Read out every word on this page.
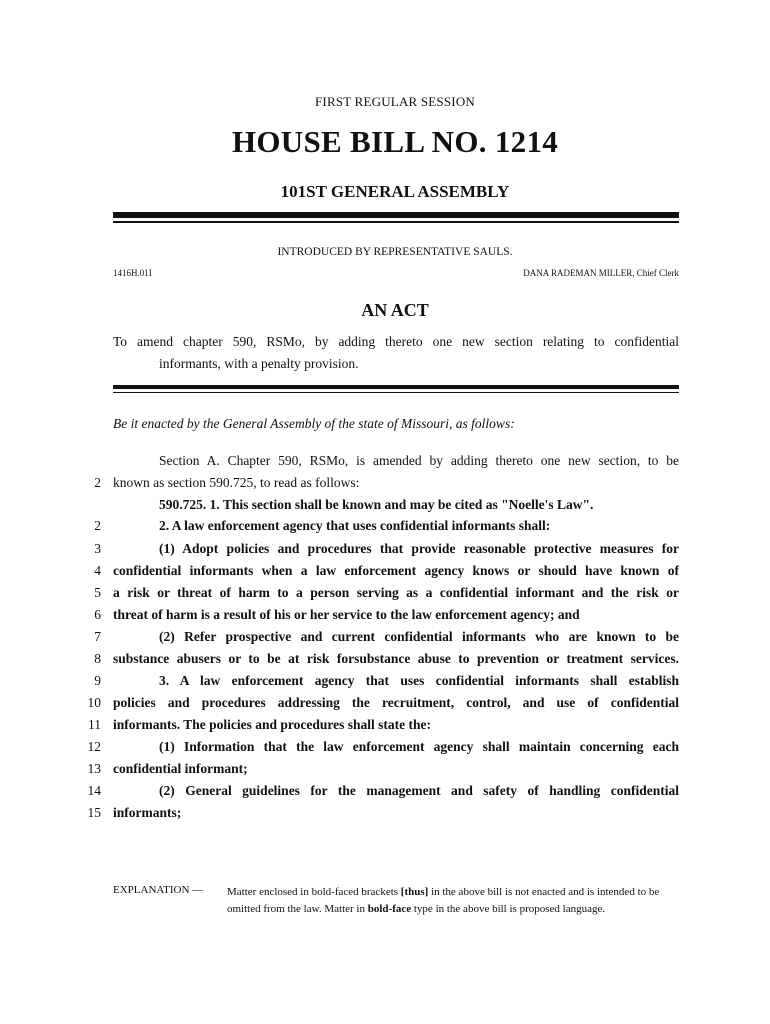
FIRST REGULAR SESSION
HOUSE BILL NO. 1214
101ST GENERAL ASSEMBLY
INTRODUCED BY REPRESENTATIVE SAULS.
1416H.01I	DANA RADEMAN MILLER, Chief Clerk
AN ACT
To amend chapter 590, RSMo, by adding thereto one new section relating to confidential
informants, with a penalty provision.
Be it enacted by the General Assembly of the state of Missouri, as follows:
Section A. Chapter 590, RSMo, is amended by adding thereto one new section, to be
2 known as section 590.725, to read as follows:
590.725. 1. This section shall be known and may be cited as "Noelle's Law".
2	2. A law enforcement agency that uses confidential informants shall:
3	(1) Adopt policies and procedures that provide reasonable protective measures for
4 confidential informants when a law enforcement agency knows or should have known of
5 a risk or threat of harm to a person serving as a confidential informant and the risk or
6 threat of harm is a result of his or her service to the law enforcement agency; and
7	(2) Refer prospective and current confidential informants who are known to be
8 substance abusers or to be at risk forsubstance abuse to prevention or treatment services.
9	3. A law enforcement agency that uses confidential informants shall establish
10 policies and procedures addressing the recruitment, control, and use of confidential
11 informants. The policies and procedures shall state the:
12	(1) Information that the law enforcement agency shall maintain concerning each
13 confidential informant;
14	(2) General guidelines for the management and safety of handling confidential
15 informants;
EXPLANATION — Matter enclosed in bold-faced brackets [thus] in the above bill is not enacted and is intended to be omitted from the law. Matter in bold-face type in the above bill is proposed language.
